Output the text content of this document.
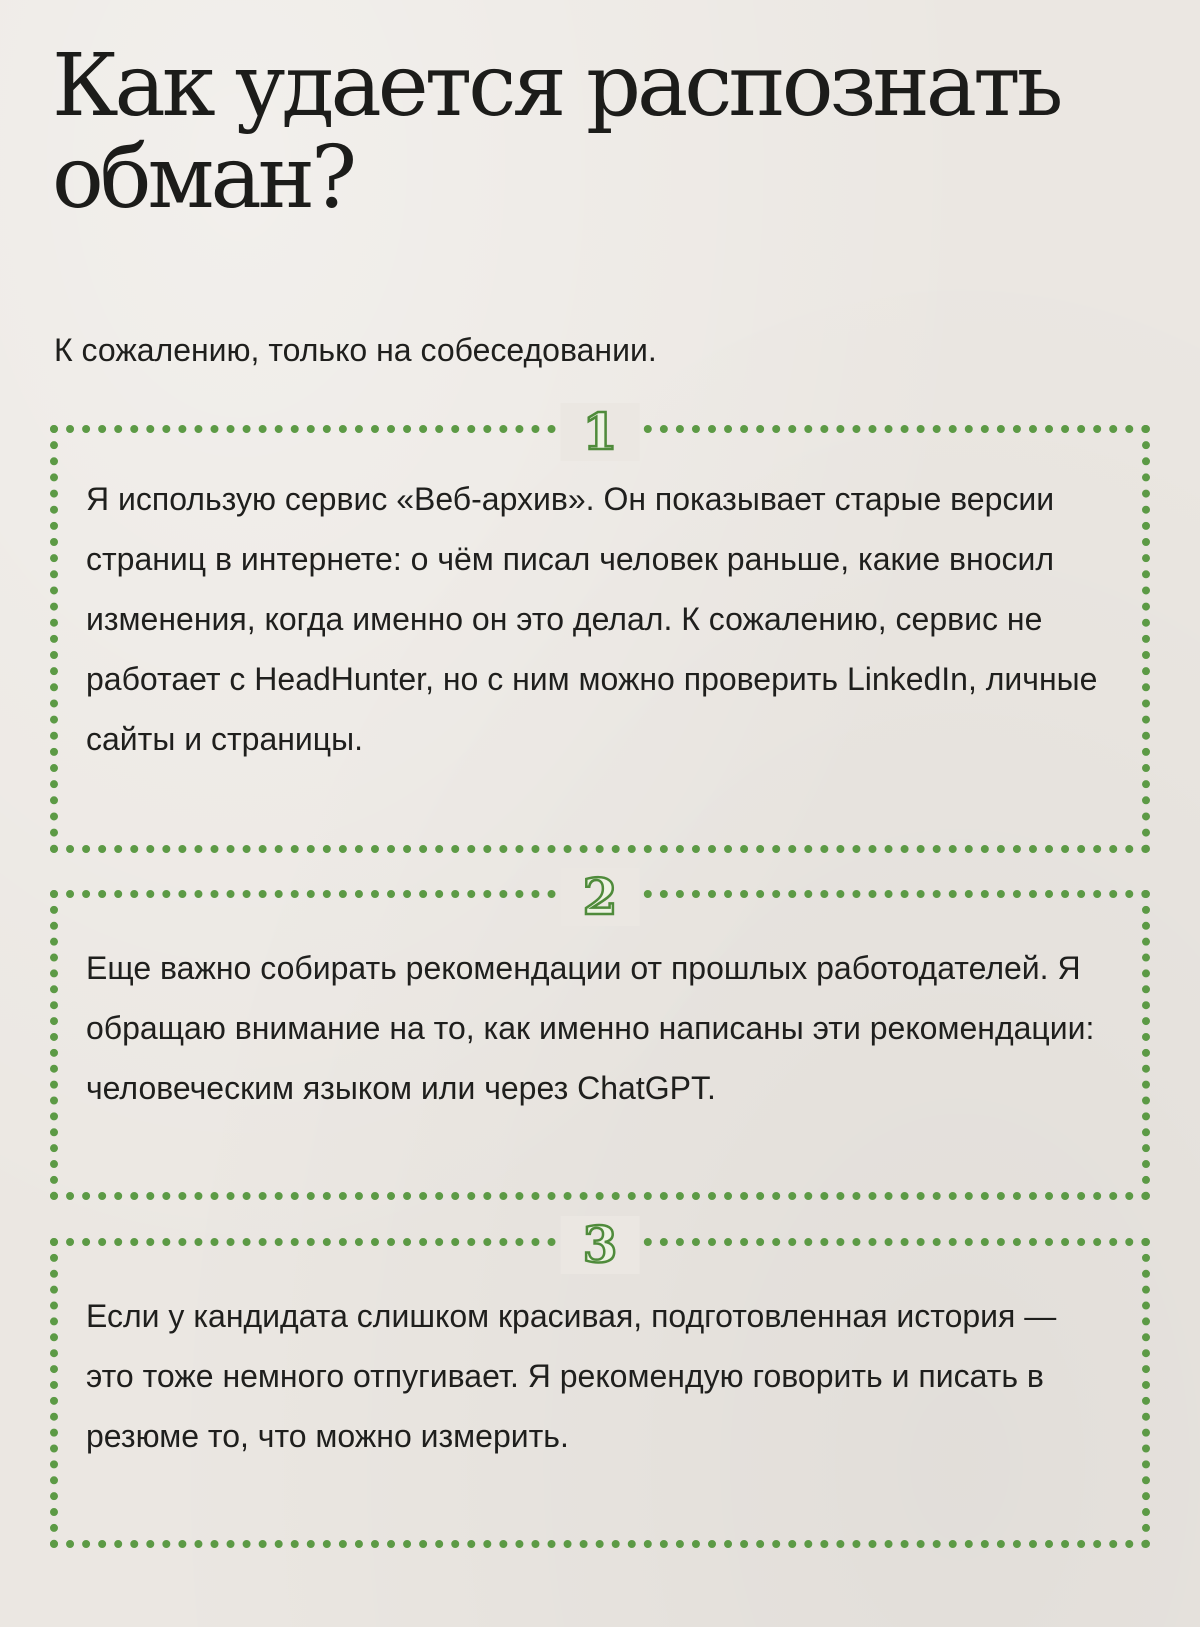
Как удается распознать обман?

К сожалению, только на собеседовании.

1

Я использую сервис «Веб-архив». Он показывает старые версии страниц в интернете: о чём писал человек раньше, какие вносил изменения, когда именно он это делал. К сожалению, сервис не работает с HeadHunter, но с ним можно проверить LinkedIn, личные сайты и страницы.

2

Еще важно собирать рекомендации от прошлых работодателей. Я обращаю внимание на то, как именно написаны эти рекомендации: человеческим языком или через ChatGPT.

3

Если у кандидата слишком красивая, подготовленная история — это тоже немного отпугивает. Я рекомендую говорить и писать в резюме то, что можно измерить.
